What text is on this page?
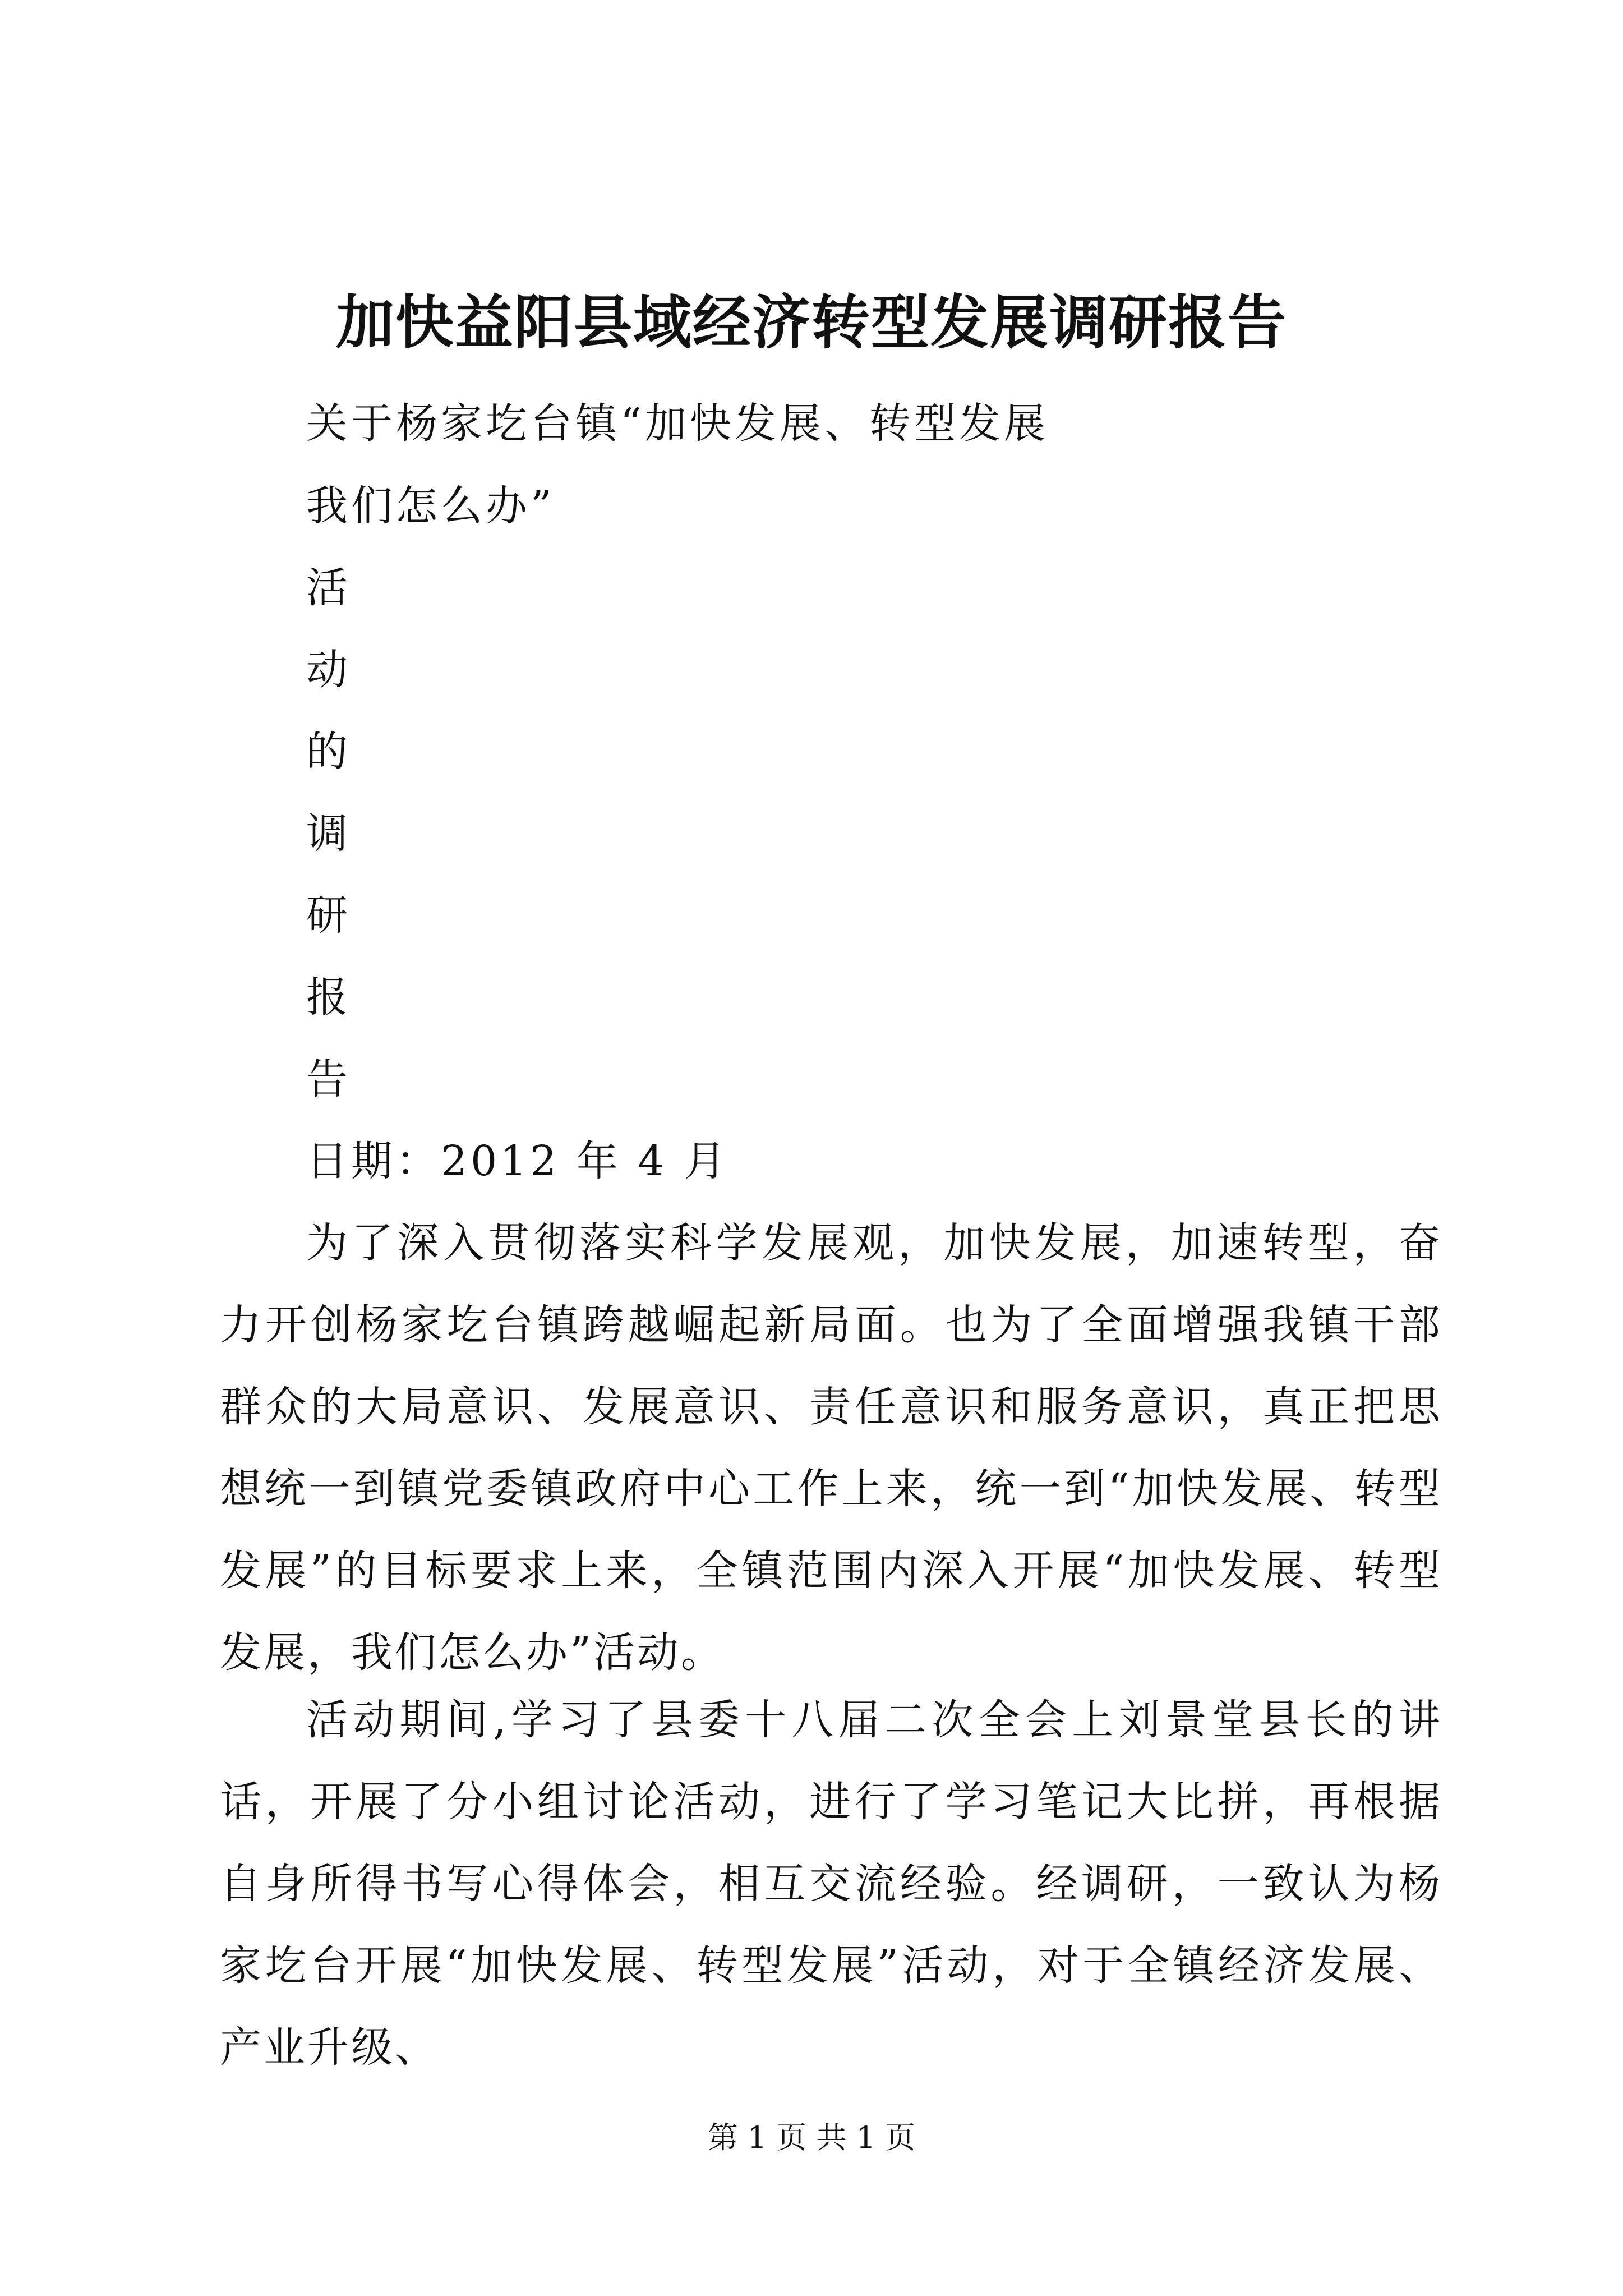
加快益阳县域经济转型发展调研报告
关于杨家圪台镇“加快发展、转型发展
我们怎么办”
活
动
的
调
研
报
告
日期：2012 年 4 月

为了深入贯彻落实科学发展观，加快发展，加速转型，奋力开创杨家圪台镇跨越崛起新局面。也为了全面增强我镇干部群众的大局意识、发展意识、责任意识和服务意识，真正把思想统一到镇党委镇政府中心工作上来，统一到“加快发展、转型发展”的目标要求上来，全镇范围内深入开展“加快发展、转型发展，我们怎么办”活动。

活动期间,学习了县委十八届二次全会上刘景堂县长的讲话，开展了分小组讨论活动，进行了学习笔记大比拼，再根据自身所得书写心得体会，相互交流经验。经调研，一致认为杨家圪台开展“加快发展、转型发展”活动，对于全镇经济发展、产业升级、

第 1 页 共 1 页
